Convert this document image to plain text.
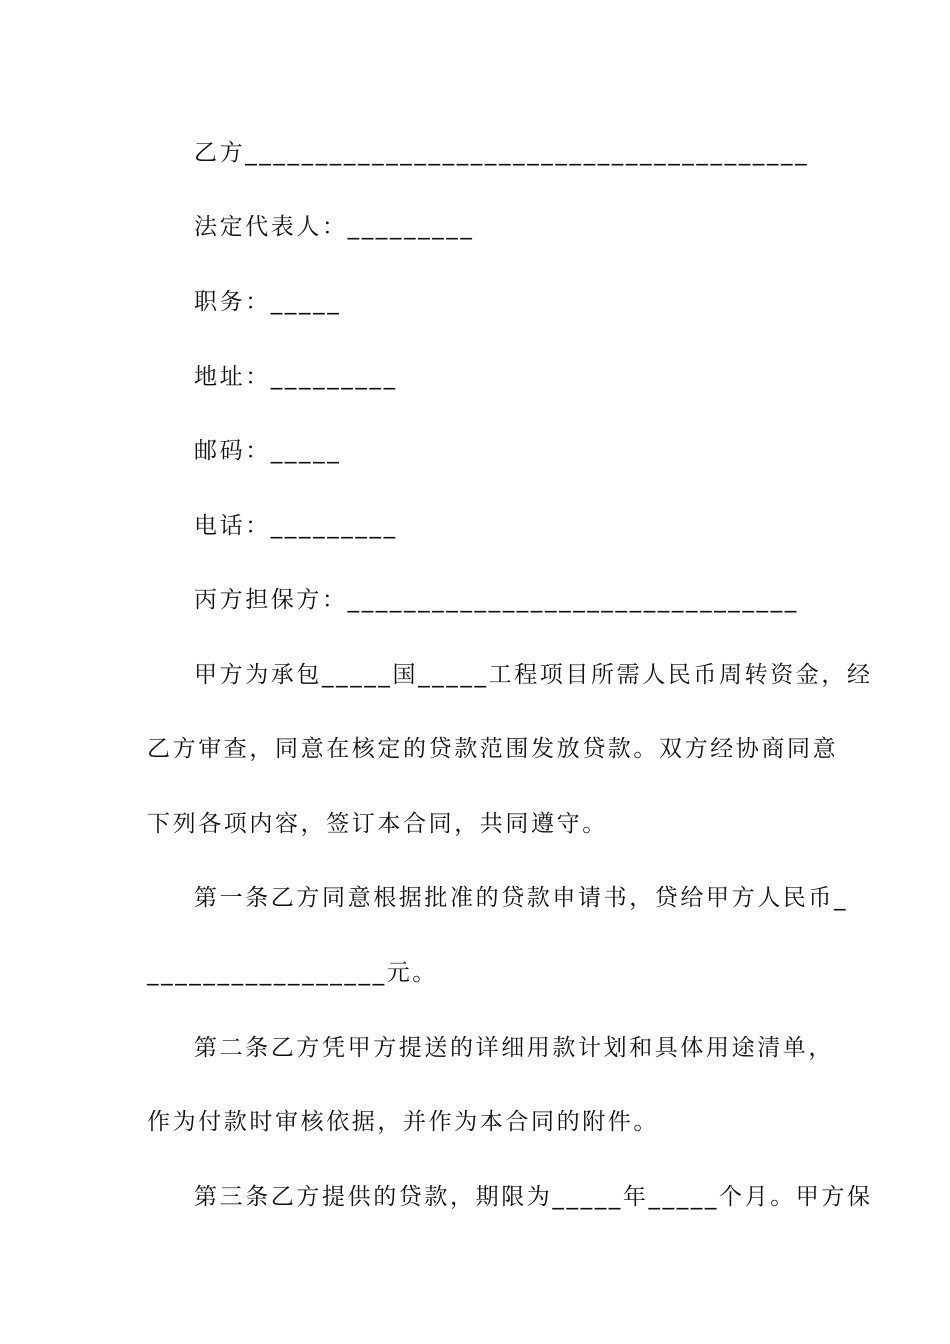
乙方________________________________________
法定代表人：_________
职务：_____
地址：_________
邮码：_____
电话：_________
丙方担保方：________________________________
甲方为承包_____国_____工程项目所需人民币周转资金，经
乙方审查，同意在核定的贷款范围发放贷款。双方经协商同意
下列各项内容，签订本合同，共同遵守。
第一条乙方同意根据批准的贷款申请书，贷给甲方人民币_
_________________元。
第二条乙方凭甲方提送的详细用款计划和具体用途清单，
作为付款时审核依据，并作为本合同的附件。
第三条乙方提供的贷款，期限为_____年_____个月。甲方保
